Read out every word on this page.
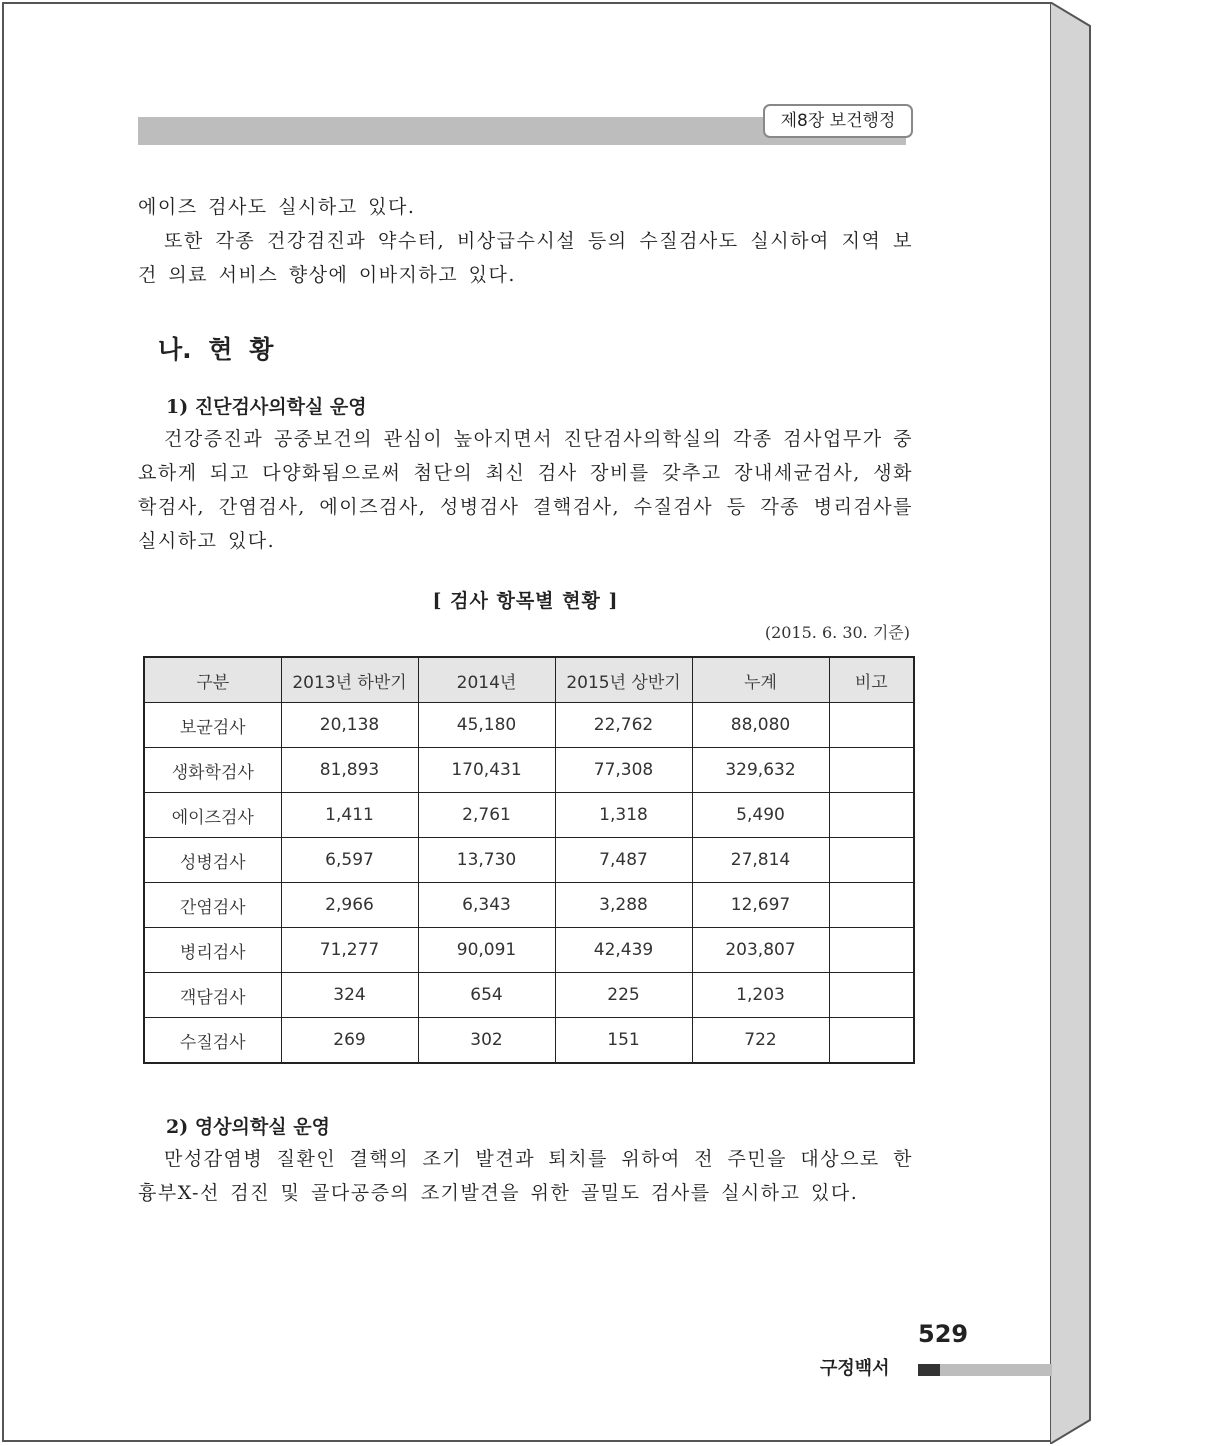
제8장 보건행정
에이즈 검사도 실시하고 있다.
또한 각종 건강검진과 약수터, 비상급수시설 등의 수질검사도 실시하여 지역 보건 의료 서비스 향상에 이바지하고 있다.
나. 현 황
1) 진단검사의학실 운영
건강증진과 공중보건의 관심이 높아지면서 진단검사의학실의 각종 검사업무가 중요하게 되고 다양화됨으로써 첨단의 최신 검사 장비를 갖추고 장내세균검사, 생화학검사, 간염검사, 에이즈검사, 성병검사 결핵검사, 수질검사 등 각종 병리검사를 실시하고 있다.
[ 검사 항목별 현황 ]
(2015. 6. 30. 기준)
구분	2013년 하반기	2014년	2015년 상반기	누계	비고
보균검사	20,138	45,180	22,762	88,080	
생화학검사	81,893	170,431	77,308	329,632	
에이즈검사	1,411	2,761	1,318	5,490	
성병검사	6,597	13,730	7,487	27,814	
간염검사	2,966	6,343	3,288	12,697	
병리검사	71,277	90,091	42,439	203,807	
객담검사	324	654	225	1,203	
수질검사	269	302	151	722	
2) 영상의학실 운영
만성감염병 질환인 결핵의 조기 발견과 퇴치를 위하여 전 주민을 대상으로 한 흉부X-선 검진 및 골다공증의 조기발견을 위한 골밀도 검사를 실시하고 있다.
529
구정백서
